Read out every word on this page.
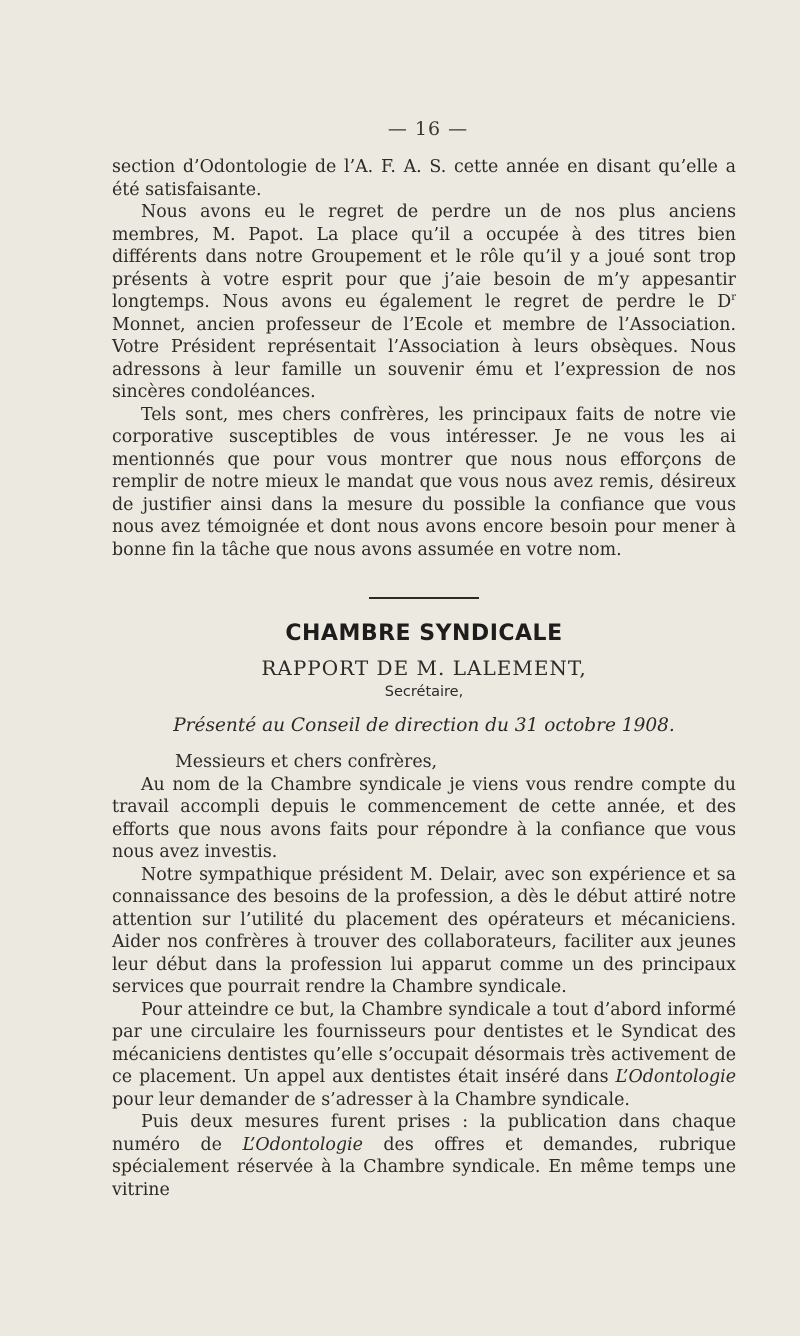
— 16 —

section d’Odontologie de l’A. F. A. S. cette année en disant qu’elle a été satisfaisante.

Nous avons eu le regret de perdre un de nos plus anciens membres, M. Papot. La place qu’il a occupée à des titres bien différents dans notre Groupement et le rôle qu’il y a joué sont trop présents à votre esprit pour que j’aie besoin de m’y appesantir longtemps. Nous avons eu également le regret de perdre le $D^r$ Monnet, ancien professeur de l’Ecole et membre de l’Association. Votre Président représentait l’Association à leurs obsèques. Nous adressons à leur famille un souvenir ému et l’expression de nos sincères condoléances.

Tels sont, mes chers confrères, les principaux faits de notre vie corporative susceptibles de vous intéresser. Je ne vous les ai mentionnés que pour vous montrer que nous nous efforçons de remplir de notre mieux le mandat que vous nous avez remis, désireux de justifier ainsi dans la mesure du possible la confiance que vous nous avez témoignée et dont nous avons encore besoin pour mener à bonne fin la tâche que nous avons assumée en votre nom.

CHAMBRE SYNDICALE
RAPPORT DE M. LALEMENT,
Secrétaire,
Présenté au Conseil de direction du 31 octobre 1908.
Messieurs et chers confrères,

Au nom de la Chambre syndicale je viens vous rendre compte du travail accompli depuis le commencement de cette année, et des efforts que nous avons faits pour répondre à la confiance que vous nous avez investis.

Notre sympathique président M. Delair, avec son expérience et sa connaissance des besoins de la profession, a dès le début attiré notre attention sur l’utilité du placement des opérateurs et mécaniciens. Aider nos confrères à trouver des collaborateurs, faciliter aux jeunes leur début dans la profession lui apparut comme un des principaux services que pourrait rendre la Chambre syndicale.

Pour atteindre ce but, la Chambre syndicale a tout d’abord informé par une circulaire les fournisseurs pour dentistes et le Syndicat des mécaniciens dentistes qu’elle s’occupait désormais très activement de ce placement. Un appel aux dentistes était inséré dans L’Odontologie pour leur demander de s’adresser à la Chambre syndicale.

Puis deux mesures furent prises : la publication dans chaque numéro de L’Odontologie des offres et demandes, rubrique spécialement réservée à la Chambre syndicale. En même temps une vitrine
